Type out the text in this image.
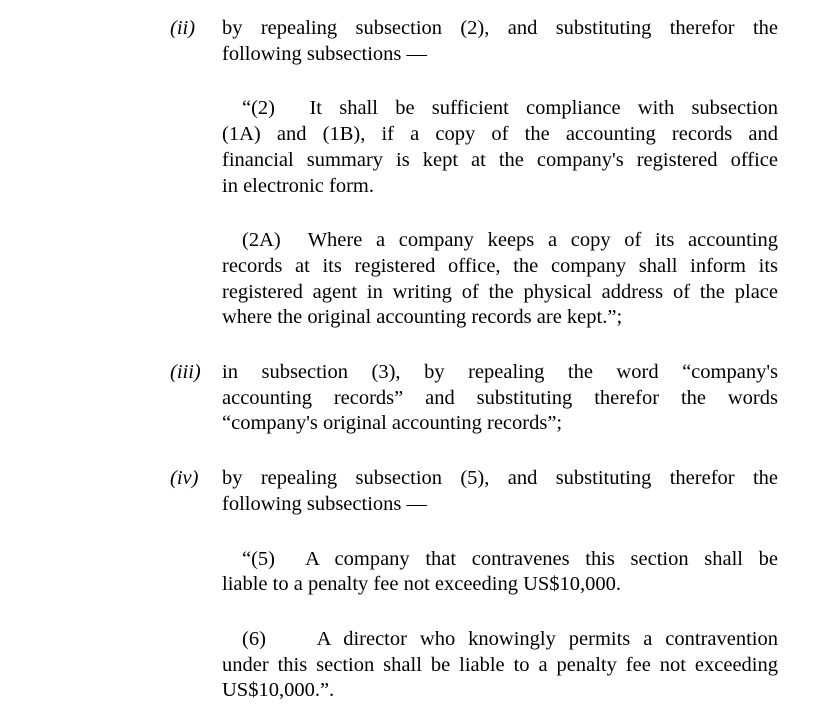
(ii)	by repealing subsection (2), and substituting therefor the
following subsections —
“(2)  It shall be sufficient compliance with subsection
(1A) and (1B), if a copy of the accounting records and
financial summary is kept at the company's registered office
in electronic form.
(2A)  Where a company keeps a copy of its accounting
records at its registered office, the company shall inform its
registered agent in writing of the physical address of the place
where the original accounting records are kept.”;
(iii)	in subsection (3), by repealing the word “company's
accounting records” and substituting therefor the words
“company's original accounting records”;
(iv)	by repealing subsection (5), and substituting therefor the
following subsections —
“(5)  A company that contravenes this section shall be
liable to a penalty fee not exceeding US$10,000.
(6)    A director who knowingly permits a contravention
under this section shall be liable to a penalty fee not exceeding
US$10,000.”.
